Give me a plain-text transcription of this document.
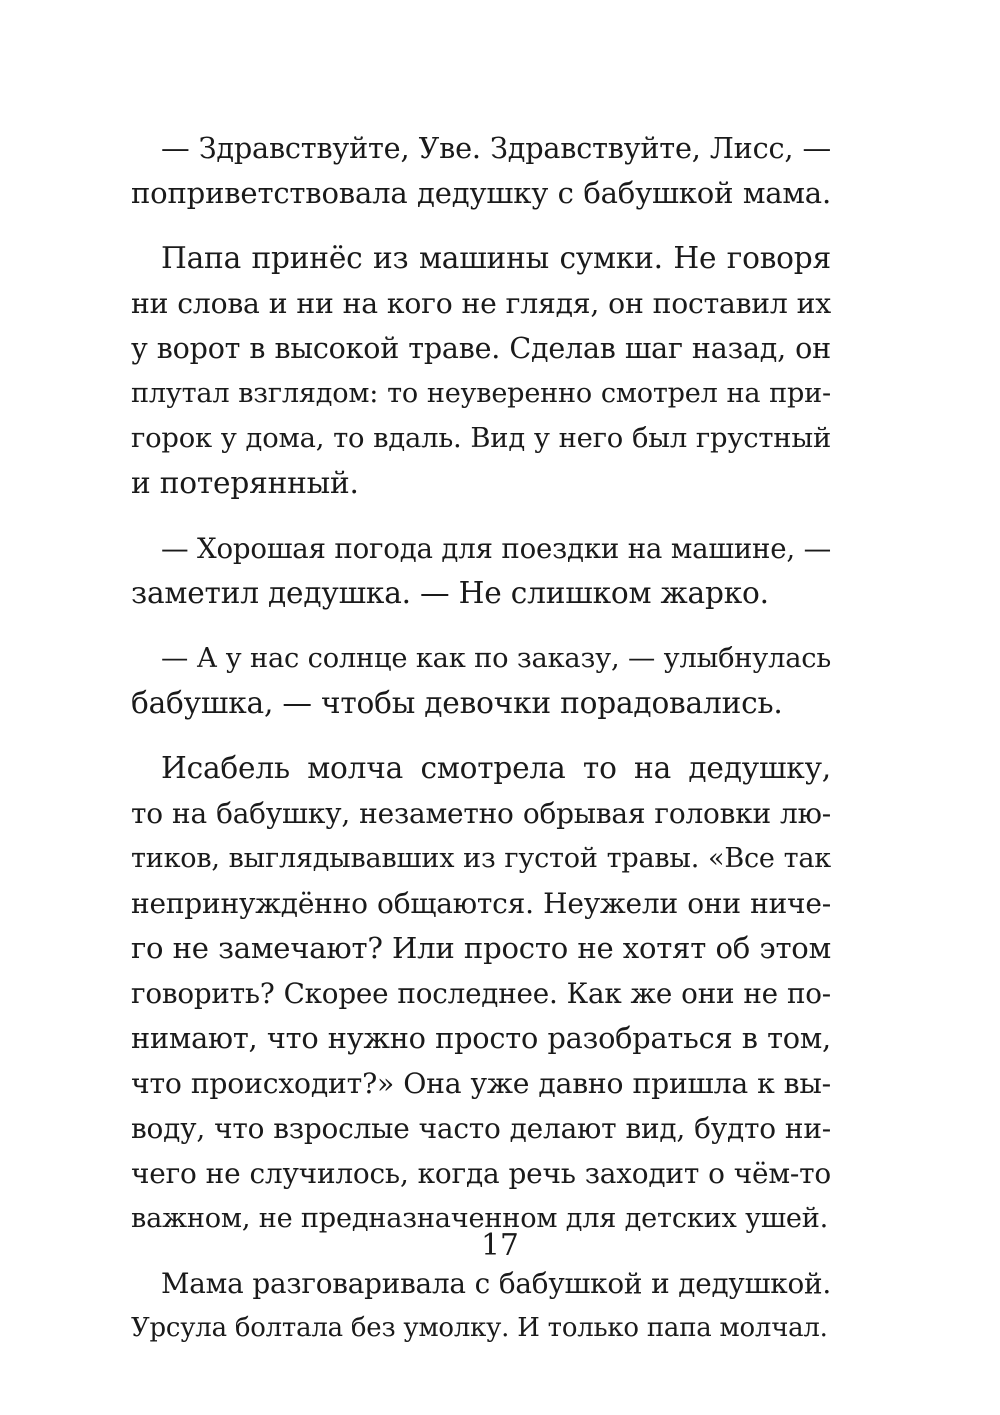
— Здравствуйте, Уве. Здравствуйте, Лисс, —
поприветствовала дедушку с бабушкой мама.
Папа принёс из машины сумки. Не говоря
ни слова и ни на кого не глядя, он поставил их
у ворот в высокой траве. Сделав шаг назад, он
плутал взглядом: то неуверенно смотрел на при-
горок у дома, то вдаль. Вид у него был грустный
и потерянный.
— Хорошая погода для поездки на машине, —
заметил дедушка. — Не слишком жарко.
— А у нас солнце как по заказу, — улыбнулась
бабушка, — чтобы девочки порадовались.
Исабель молча смотрела то на дедушку,
то на бабушку, незаметно обрывая головки лю-
тиков, выглядывавших из густой травы. «Все так
непринуждённо общаются. Неужели они ниче-
го не замечают? Или просто не хотят об этом
говорить? Скорее последнее. Как же они не по-
нимают, что нужно просто разобраться в том,
что происходит?» Она уже давно пришла к вы-
воду, что взрослые часто делают вид, будто ни-
чего не случилось, когда речь заходит о чём-то
важном, не предназначенном для детских ушей.
Мама разговаривала с бабушкой и дедушкой.
Урсула болтала без умолку. И только папа молчал.
17
